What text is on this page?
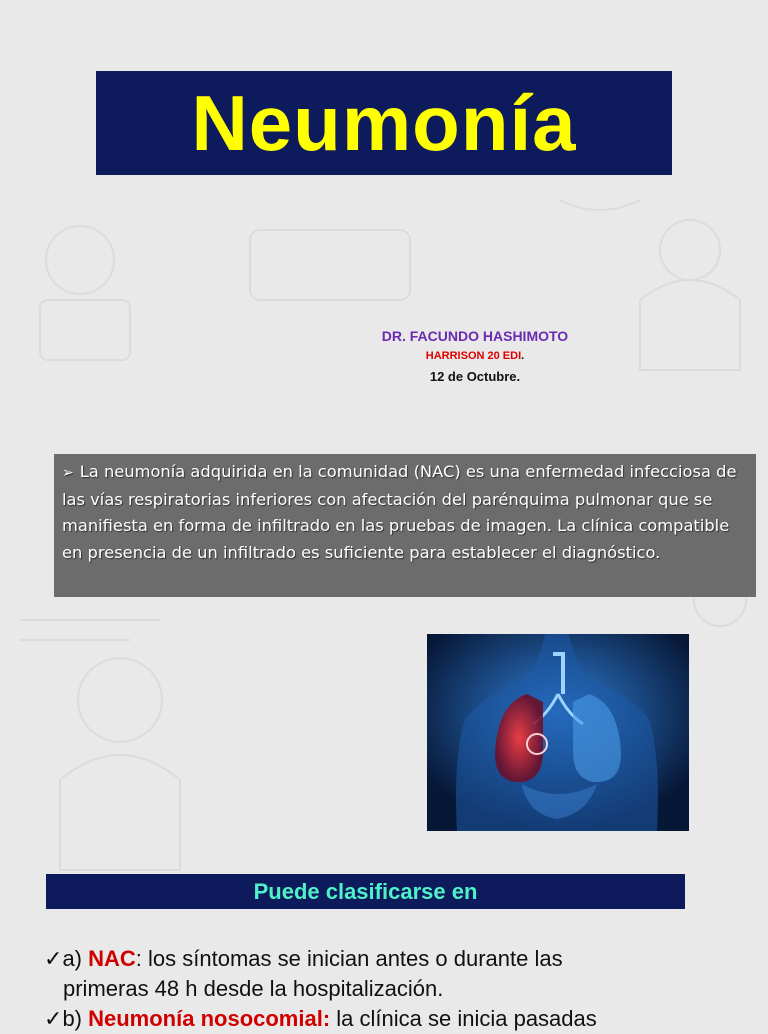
Neumonía
DR. FACUNDO HASHIMOTO
HARRISON 20 EDI.
12 de Octubre.
➢ La neumonía adquirida en la comunidad (NAC) es una enfermedad infecciosa de las vías respiratorias inferiores con afectación del parénquima pulmonar que se manifiesta en forma de infiltrado en las pruebas de imagen. La clínica compatible en presencia de un infiltrado es suficiente para establecer el diagnóstico.
Puede clasificarse en

✓a) NAC: los síntomas se inician antes o durante las

primeras 48 h desde la hospitalización.

✓b) Neumonía nosocomial: la clínica se inicia pasadas
